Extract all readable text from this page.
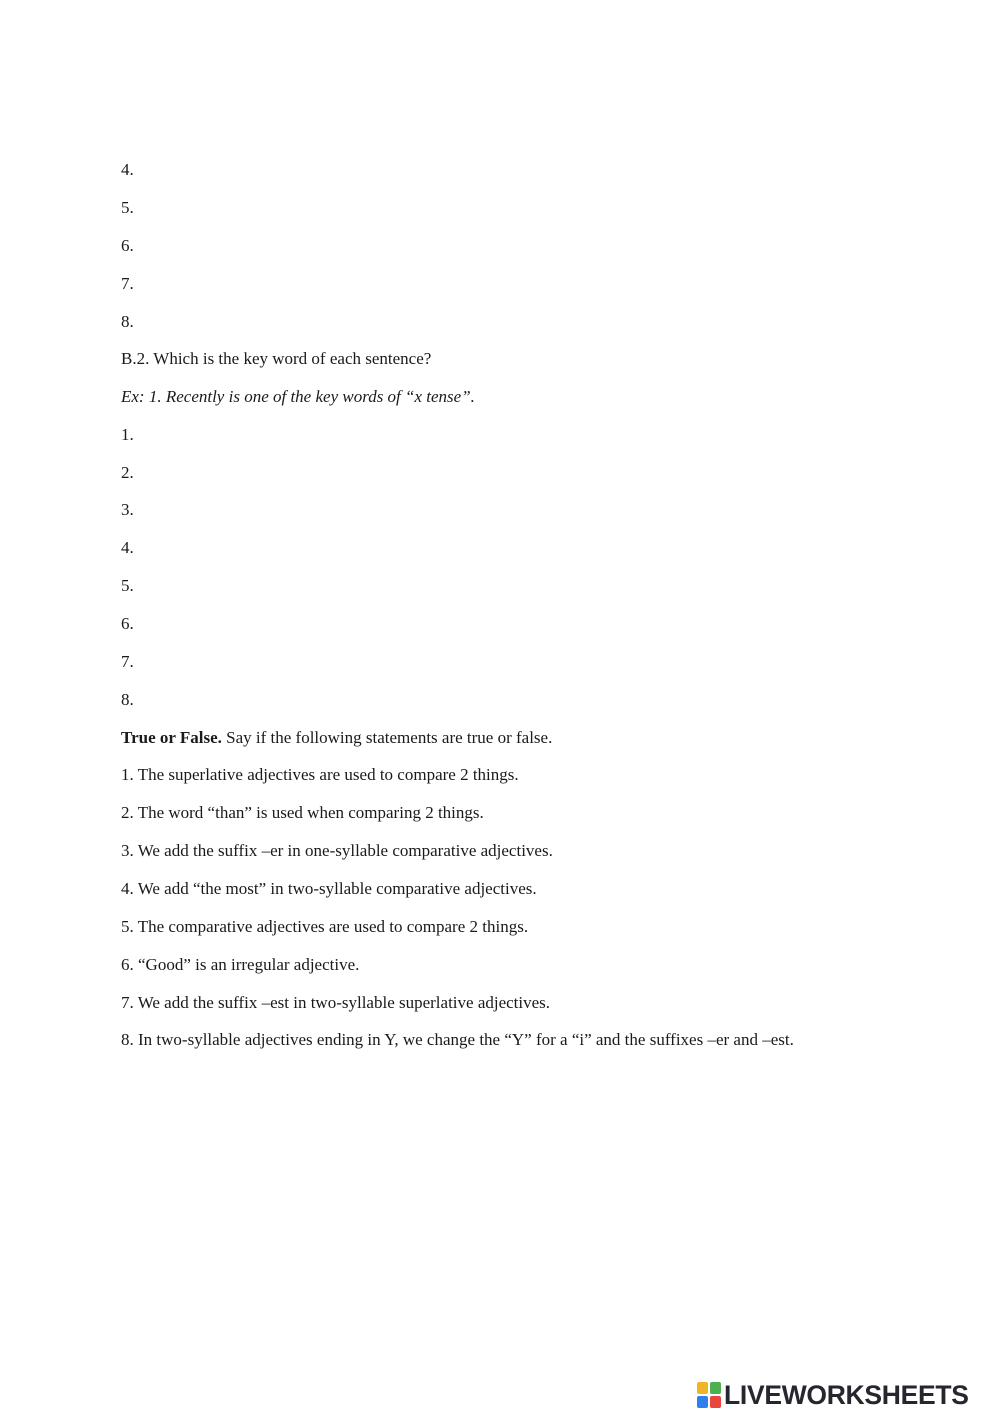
4.
5.
6.
7.
8.
B.2. Which is the key word of each sentence?
Ex: 1. Recently is one of the key words of “x tense”.
1.
2.
3.
4.
5.
6.
7.
8.
True or False. Say if the following statements are true or false.
1. The superlative adjectives are used to compare 2 things.
2. The word “than” is used when comparing 2 things.
3. We add the suffix –er in one-syllable comparative adjectives.
4. We add “the most” in two-syllable comparative adjectives.
5. The comparative adjectives are used to compare 2 things.
6. “Good” is an irregular adjective.
7. We add the suffix –est in two-syllable superlative adjectives.
8. In two-syllable adjectives ending in Y, we change the “Y” for a “i” and the suffixes –er and –est.
LIVEWORKSHEETS
